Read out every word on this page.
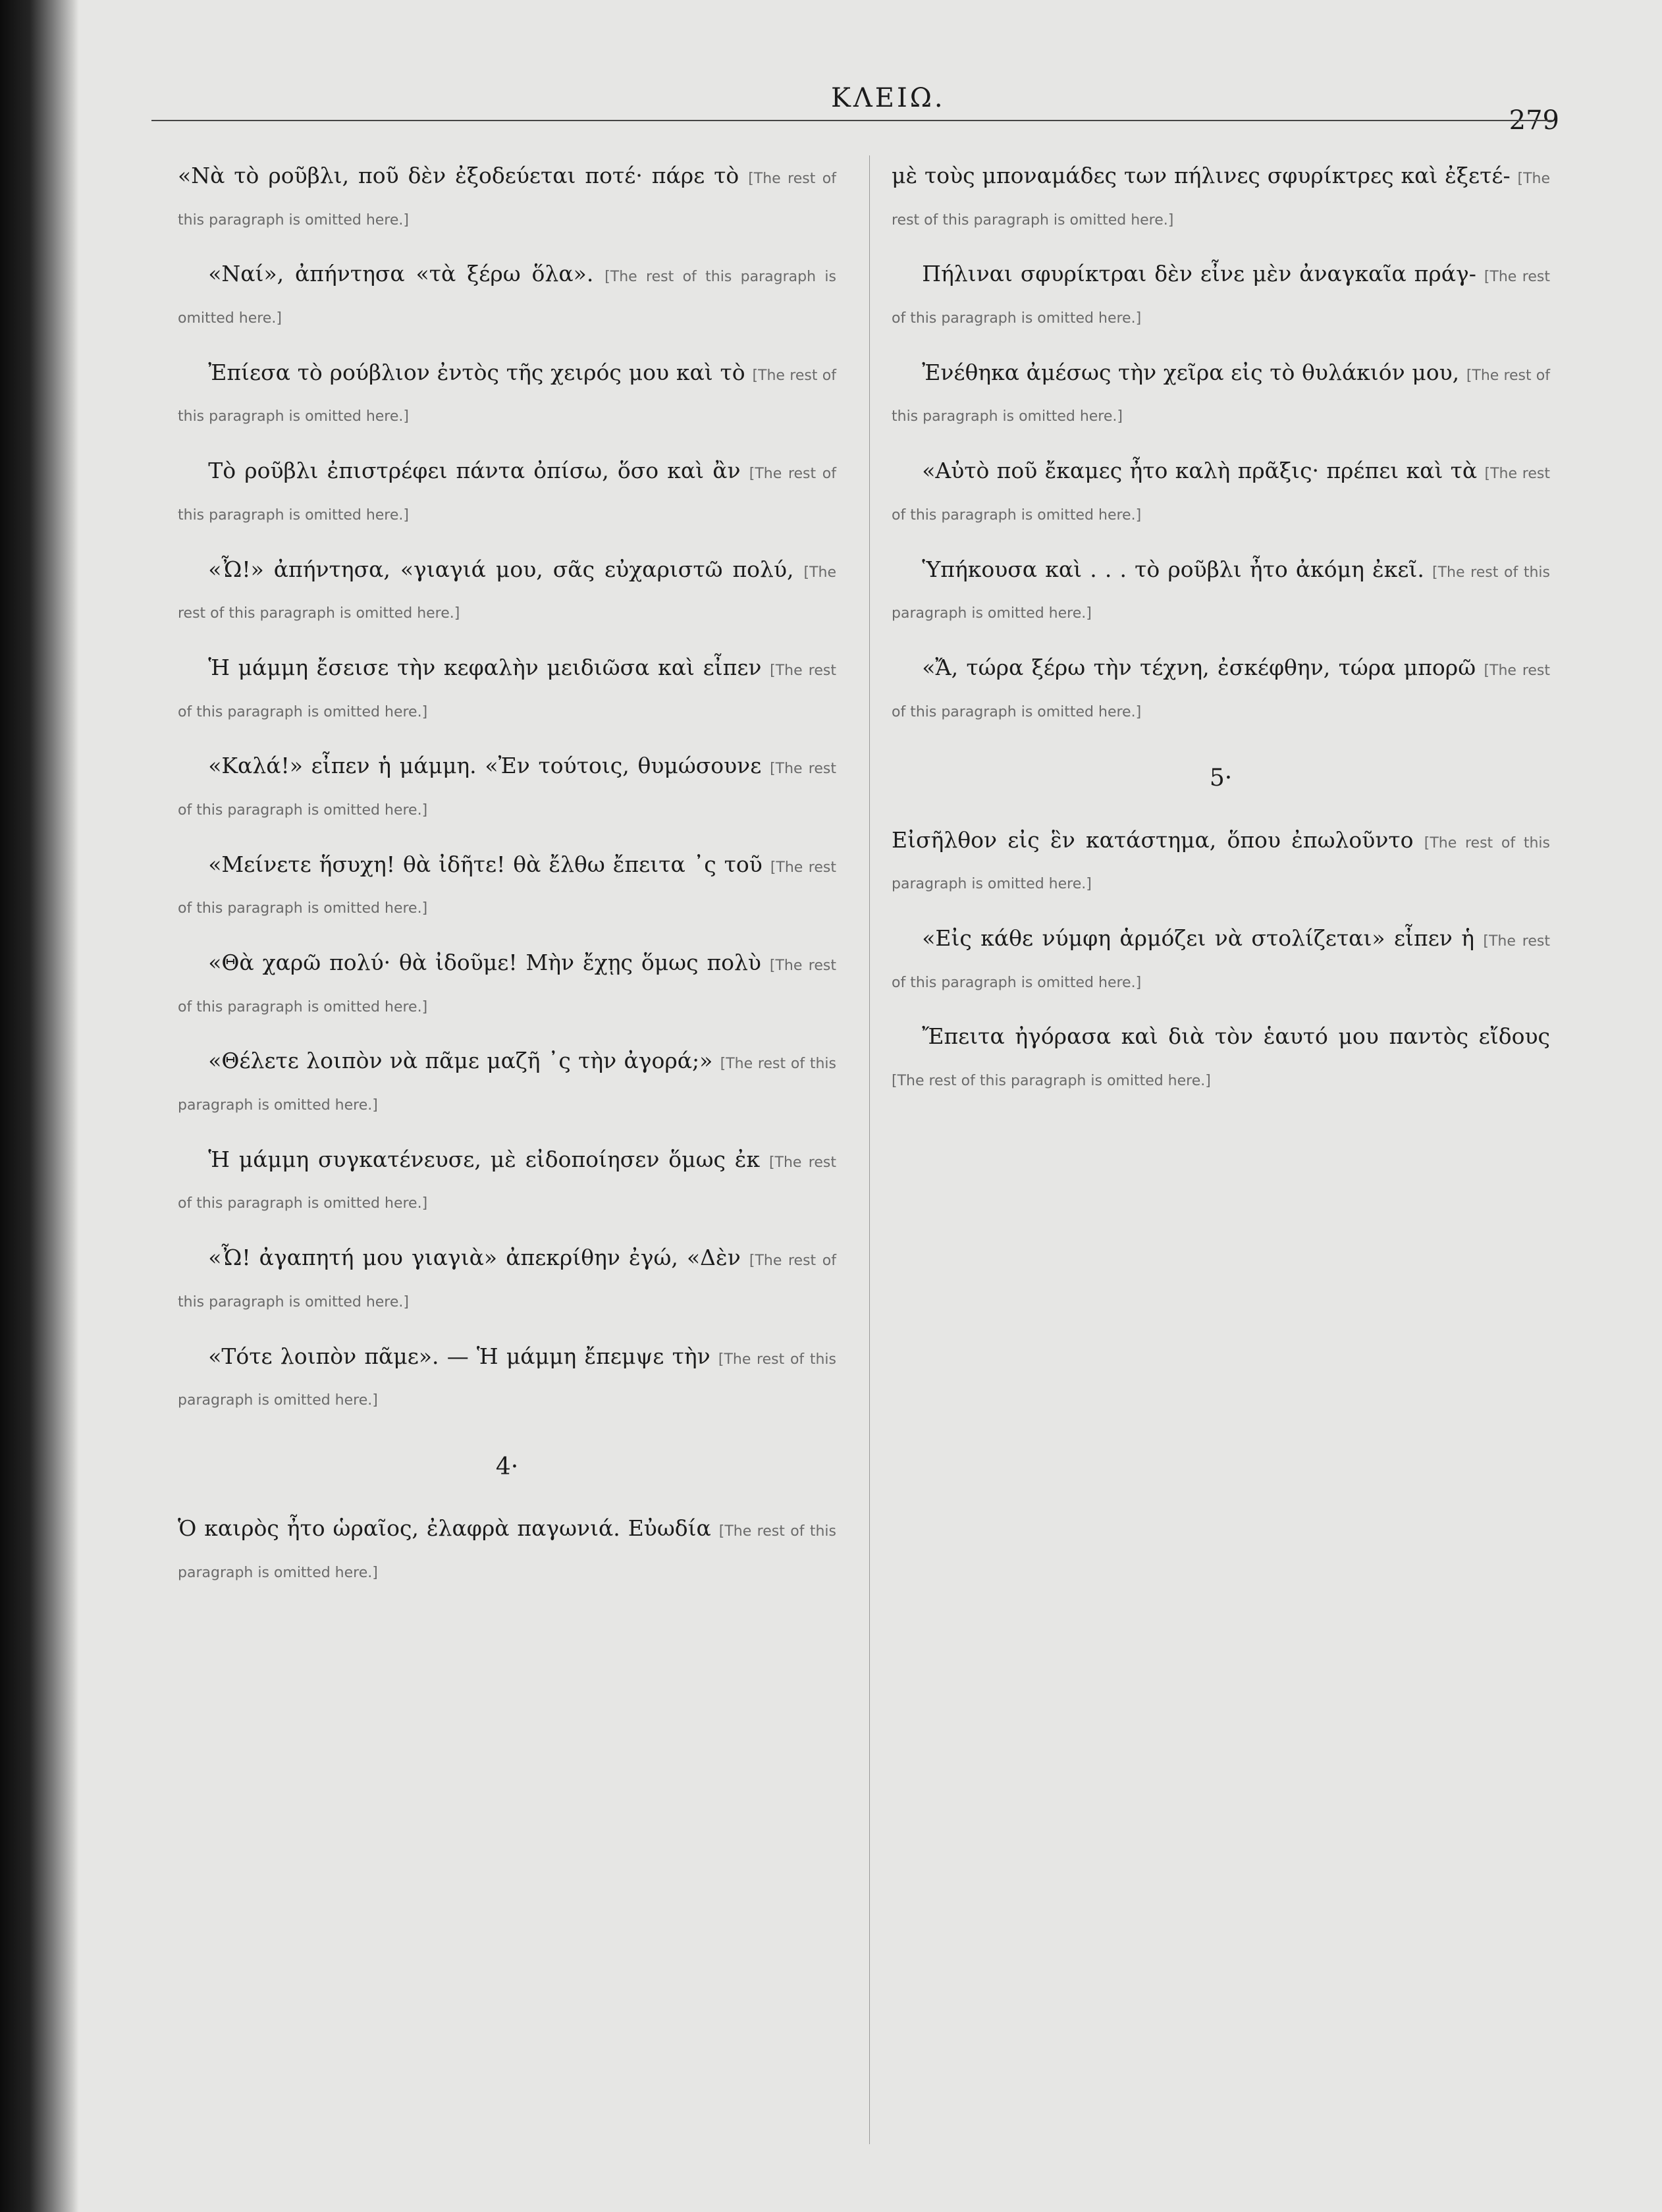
ΚΛΕΙΩ.
279

«Νὰ τὸ ρoῦβλι, ποῦ δὲν ἐξοδεύεται ποτέ· πάρε τὸ [The rest of this paragraph is omitted here.]

«Ναί», ἀπήντησα «τὰ ξέρω ὅλα». [The rest of this paragraph is omitted here.]

Ἐπίεσα τὸ ρούβλιον ἐντὸς τῆς χειρός μου καὶ τὸ [The rest of this paragraph is omitted here.]

Τὸ ρoῦβλι ἐπιστρέφει πάντα ὀπίσω, ὅσο καὶ ἂν [The rest of this paragraph is omitted here.]

«Ὦ!» ἀπήντησα, «γιαγιά μου, σᾶς εὐχαριστῶ πολύ, [The rest of this paragraph is omitted here.]

Ἡ μάμμη ἔσεισε τὴν κεφαλὴν μειδιῶσα καὶ εἶπεν [The rest of this paragraph is omitted here.]

«Καλά!» εἶπεν ἡ μάμμη. «Ἐν τούτοις, θυμώσουνε [The rest of this paragraph is omitted here.]

«Μείνετε ἥσυχη! θὰ ἰδῆτε! θὰ ἔλθω ἔπειτα ᾽ς τοῦ [The rest of this paragraph is omitted here.]

«Θὰ χαρῶ πολύ· θὰ ἰδοῦμε! Μὴν ἔχῃς ὅμως πολὺ [The rest of this paragraph is omitted here.]

«Θέλετε λοιπὸν νὰ πᾶμε μαζῆ ᾽ς τὴν ἀγορά;» [The rest of this paragraph is omitted here.]

Ἡ μάμμη συγκατένευσε, μὲ εἰδοποίησεν ὅμως ἐκ [The rest of this paragraph is omitted here.]

«Ὦ! ἀγαπητή μου γιαγιὰ» ἀπεκρίθην ἐγώ, «Δὲν [The rest of this paragraph is omitted here.]

«Τότε λοιπὸν πᾶμε». — Ἡ μάμμη ἔπεμψε τὴν [The rest of this paragraph is omitted here.]

4·

Ὁ καιρὸς ἦτο ὡραῖος, ἐλαφρὰ παγωνιά. Εὐωδία [The rest of this paragraph is omitted here.]

μὲ τοὺς μποναμάδες των πήλινες σφυρίκτρες καὶ ἐξετέ- [The rest of this paragraph is omitted here.]

Πήλιναι σφυρίκτραι δὲν εἶνε μὲν ἀναγκαῖα πράγ- [The rest of this paragraph is omitted here.]

Ἐνέθηκα ἀμέσως τὴν χεῖρα εἰς τὸ θυλάκιόν μου, [The rest of this paragraph is omitted here.]

«Αὐτὸ ποῦ ἔκαμες ἦτο καλὴ πρᾶξις· πρέπει καὶ τὰ [The rest of this paragraph is omitted here.]

Ὑπήκουσα καὶ . . . τὸ ρoῦβλι ἦτο ἀκόμη ἐκεῖ. [The rest of this paragraph is omitted here.]

«Ἄ, τώρα ξέρω τὴν τέχνη, ἐσκέφθην, τώρα μπορῶ [The rest of this paragraph is omitted here.]

5·

Εἰσῆλθον εἰς ἓν κατάστημα, ὅπου ἐπωλοῦντο [The rest of this paragraph is omitted here.]

«Εἰς κάθε νύμφη ἁρμόζει νὰ στολίζεται» εἶπεν ἡ [The rest of this paragraph is omitted here.]

Ἔπειτα ἠγόρασα καὶ διὰ τὸν ἑαυτό μου παντὸς εἴδους [The rest of this paragraph is omitted here.]
